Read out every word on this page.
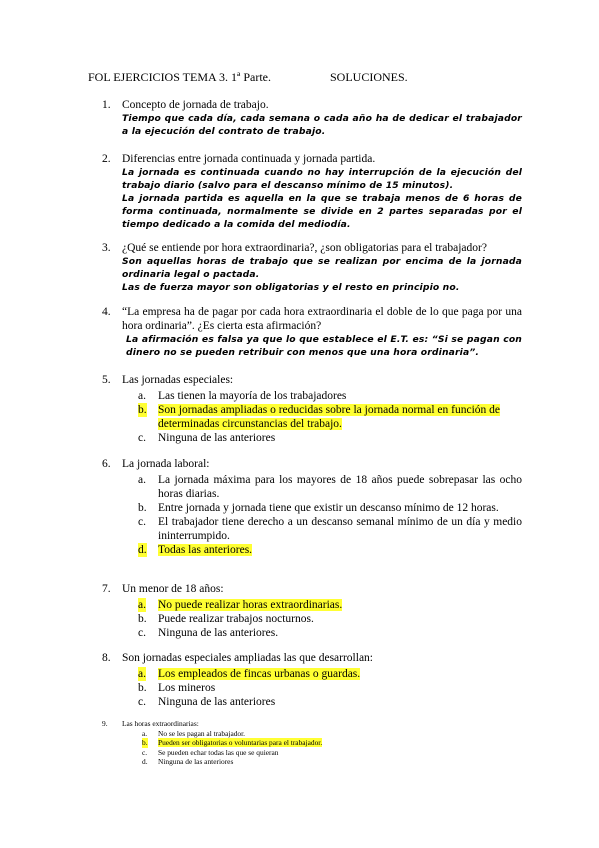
FOL EJERCICIOS TEMA 3. 1ª Parte.	SOLUCIONES.
1. Concepto de jornada de trabajo.
Tiempo que cada día, cada semana o cada año ha de dedicar el trabajador a la ejecución del contrato de trabajo.
2. Diferencias entre jornada continuada y jornada partida.
La jornada es continuada cuando no hay interrupción de la ejecución del trabajo diario (salvo para el descanso mínimo de 15 minutos).
La jornada partida es aquella en la que se trabaja menos de 6 horas de forma continuada, normalmente se divide en 2 partes separadas por el tiempo dedicado a la comida del mediodía.
3. ¿Qué se entiende por hora extraordinaria?, ¿son obligatorias para el trabajador?
Son aquellas horas de trabajo que se realizan por encima de la jornada ordinaria legal o pactada.
Las de fuerza mayor son obligatorias y el resto en principio no.
4. “La empresa ha de pagar por cada hora extraordinaria el doble de lo que paga por una hora ordinaria”. ¿Es cierta esta afirmación?
La afirmación es falsa ya que lo que establece el E.T. es: “Si se pagan con dinero no se pueden retribuir con menos que una hora ordinaria”.
5. Las jornadas especiales:
a. Las tienen la mayoría de los trabajadores
b. Son jornadas ampliadas o reducidas sobre la jornada normal en función de determinadas circunstancias del trabajo.
c. Ninguna de las anteriores
6. La jornada laboral:
a. La jornada máxima para los mayores de 18 años puede sobrepasar las ocho horas diarias.
b. Entre jornada y jornada tiene que existir un descanso mínimo de 12 horas.
c. El trabajador tiene derecho a un descanso semanal mínimo de un día y medio ininterrumpido.
d. Todas las anteriores.
7. Un menor de 18 años:
a. No puede realizar horas extraordinarias.
b. Puede realizar trabajos nocturnos.
c. Ninguna de las anteriores.
8. Son jornadas especiales ampliadas las que desarrollan:
a. Los empleados de fincas urbanas o guardas.
b. Los mineros
c. Ninguna de las anteriores
9. Las horas extraordinarias:
a. No se les pagan al trabajador.
b. Pueden ser obligatorias o voluntarias para el trabajador.
c. Se pueden echar todas las que se quieran
d. Ninguna de las anteriores
